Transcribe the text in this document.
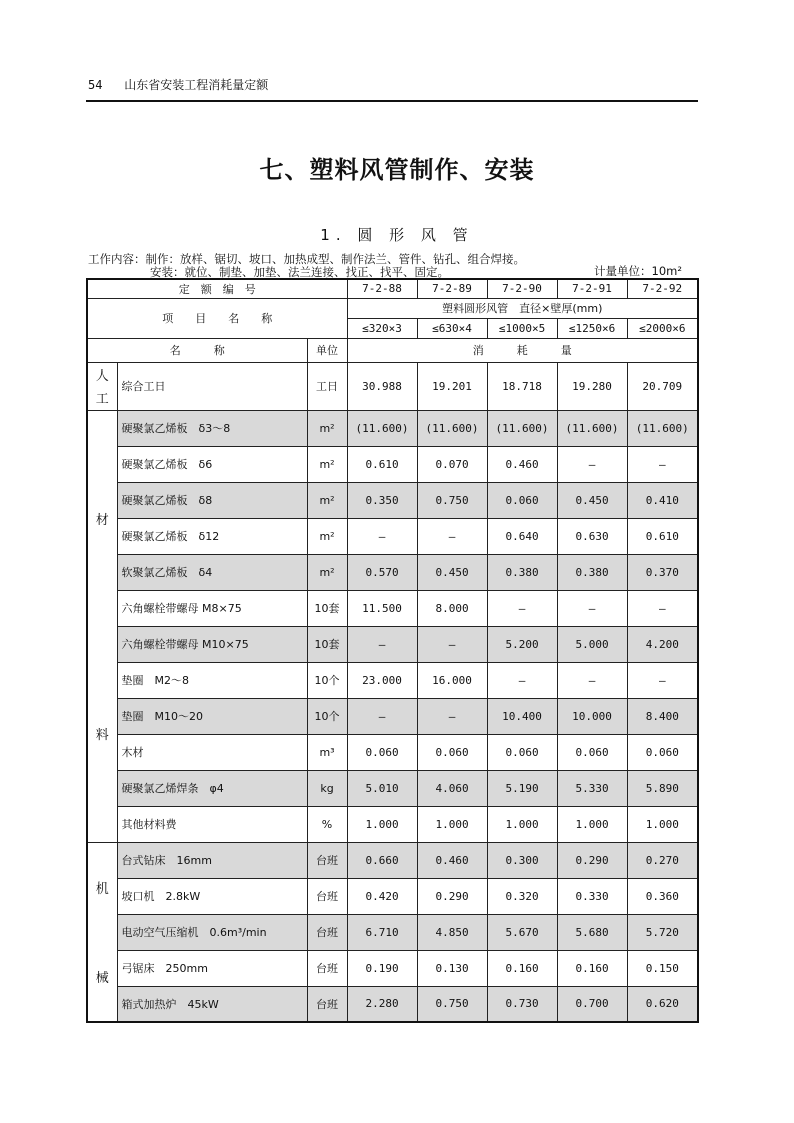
54 山东省安装工程消耗量定额
七、塑料风管制作、安装
1. 圆 形 风 管
工作内容：制作：放样、锯切、坡口、加热成型、制作法兰、管件、钻孔、组合焊接。
安装：就位、制垫、加垫、法兰连接、找正、找平、固定。	计量单位：10m²
定　额　编　号			7-2-88	7-2-89	7-2-90	7-2-91	7-2-92
项　　目　　名　　称			塑料圆形风管　直径×壁厚(mm)				
			≤320×3	≤630×4	≤1000×5	≤1250×6	≤2000×6
名　　　称		单位	消　　　耗　　　量				

人
工	综合工日	工日	30.988	19.201	18.718	19.280	20.709

材
料	硬聚氯乙烯板　δ3～8	m²	(11.600)	(11.600)	(11.600)	(11.600)	(11.600)
	硬聚氯乙烯板　δ6	m²	0.610	0.070	0.460	—	—
	硬聚氯乙烯板　δ8	m²	0.350	0.750	0.060	0.450	0.410
	硬聚氯乙烯板　δ12	m²	—	—	0.640	0.630	0.610
	软聚氯乙烯板　δ4	m²	0.570	0.450	0.380	0.380	0.370
	六角螺栓带螺母 M8×75	10套	11.500	8.000	—	—	—
	六角螺栓带螺母 M10×75	10套	—	—	5.200	5.000	4.200
	垫圈　M2～8	10个	23.000	16.000	—	—	—
	垫圈　M10～20	10个	—	—	10.400	10.000	8.400
	木材	m³	0.060	0.060	0.060	0.060	0.060
	硬聚氯乙烯焊条　φ4	kg	5.010	4.060	5.190	5.330	5.890
	其他材料费	%	1.000	1.000	1.000	1.000	1.000

机
械	台式钻床　16mm	台班	0.660	0.460	0.300	0.290	0.270
	坡口机　2.8kW	台班	0.420	0.290	0.320	0.330	0.360
	电动空气压缩机　0.6m³/min	台班	6.710	4.850	5.670	5.680	5.720
	弓锯床　250mm	台班	0.190	0.130	0.160	0.160	0.150
	箱式加热炉　45kW	台班	2.280	0.750	0.730	0.700	0.620
